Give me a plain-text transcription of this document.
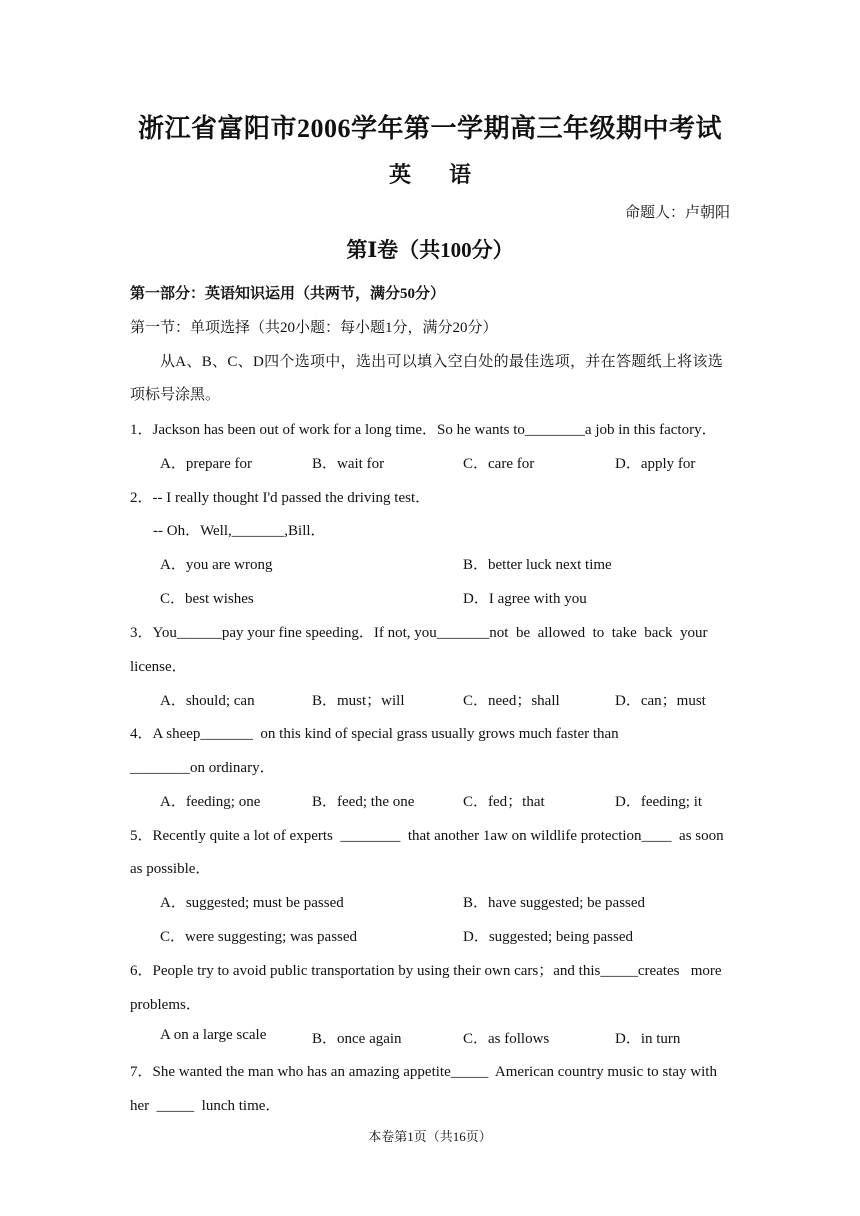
浙江省富阳市2006学年第一学期高三年级期中考试
英语
命题人：卢朝阳
第Ⅰ卷（共100分）
第一部分：英语知识运用（共两节，满分50分）
第一节：单项选择（共20小题：每小题1分，满分20分）
从A、B、C、D四个选项中，选出可以填入空白处的最佳选项，并在答题纸上将该选
项标号涂黑。
1．Jackson has been out of work for a long time．So he wants to________a job in this factory．
A．prepare for	B．wait for	C．care for	D．apply for
2．-- I really thought I'd passed the driving test．
-- Oh．Well,_______,Bill．
A．you are wrong	B．better luck next time
C．best wishes	D．I agree with you
3．You______pay your fine speeding．If not, you_______not  be  allowed  to  take  back  your
license．
A．should; can	B．must；will	C．need；shall	D．can；must
4．A sheep_______  on this kind of special grass usually grows much faster than
________on ordinary．
A．feeding; one	B．feed; the one	C．fed；that	D．feeding; it
5．Recently quite a lot of experts  ________  that another 1aw on wildlife protection____  as soon
as possible．
A．suggested; must be passed	B．have suggested; be passed
C．were suggesting; was passed	D．suggested; being passed
6．People try to avoid public transportation by using their own cars；and this_____creates   more
problems．
A on a large scale	B．once again	C．as follows	D．in turn
7．She wanted the man who has an amazing appetite_____  American country music to stay with
her  _____  lunch time．
本卷第1页（共16页）
